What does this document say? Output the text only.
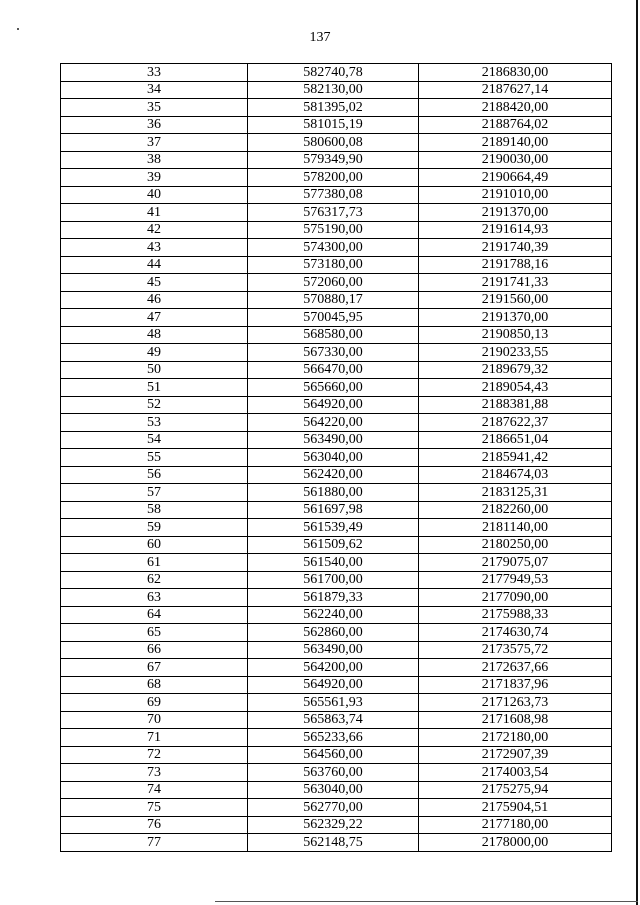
137
33	582740,78	2186830,00
34	582130,00	2187627,14
35	581395,02	2188420,00
36	581015,19	2188764,02
37	580600,08	2189140,00
38	579349,90	2190030,00
39	578200,00	2190664,49
40	577380,08	2191010,00
41	576317,73	2191370,00
42	575190,00	2191614,93
43	574300,00	2191740,39
44	573180,00	2191788,16
45	572060,00	2191741,33
46	570880,17	2191560,00
47	570045,95	2191370,00
48	568580,00	2190850,13
49	567330,00	2190233,55
50	566470,00	2189679,32
51	565660,00	2189054,43
52	564920,00	2188381,88
53	564220,00	2187622,37
54	563490,00	2186651,04
55	563040,00	2185941,42
56	562420,00	2184674,03
57	561880,00	2183125,31
58	561697,98	2182260,00
59	561539,49	2181140,00
60	561509,62	2180250,00
61	561540,00	2179075,07
62	561700,00	2177949,53
63	561879,33	2177090,00
64	562240,00	2175988,33
65	562860,00	2174630,74
66	563490,00	2173575,72
67	564200,00	2172637,66
68	564920,00	2171837,96
69	565561,93	2171263,73
70	565863,74	2171608,98
71	565233,66	2172180,00
72	564560,00	2172907,39
73	563760,00	2174003,54
74	563040,00	2175275,94
75	562770,00	2175904,51
76	562329,22	2177180,00
77	562148,75	2178000,00
